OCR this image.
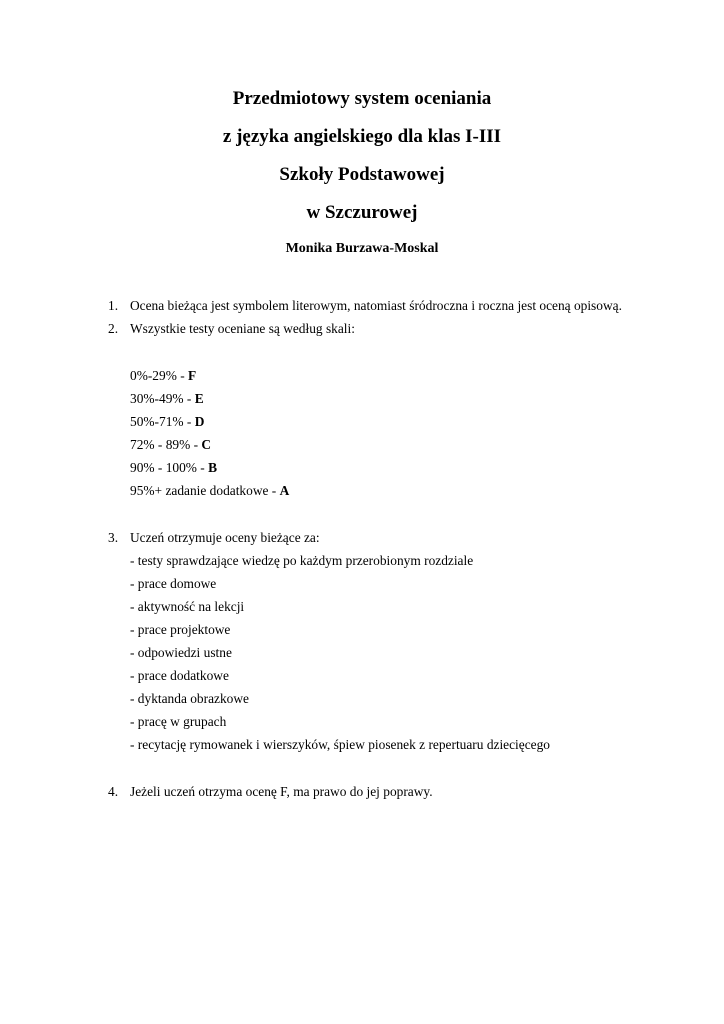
Przedmiotowy system oceniania
z języka angielskiego dla klas I-III
Szkoły Podstawowej
w Szczurowej
Monika Burzawa-Moskal
1. Ocena bieżąca jest symbolem literowym, natomiast śródroczna i roczna jest oceną opisową.
2. Wszystkie testy oceniane są według skali:
0%-29% - F
30%-49% - E
50%-71% - D
72% - 89% - C
90% - 100% - B
95%+ zadanie dodatkowe - A
3. Uczeń otrzymuje oceny bieżące za:
- testy sprawdzające wiedzę po każdym przerobionym rozdziale
- prace domowe
- aktywność na lekcji
- prace projektowe
- odpowiedzi ustne
- prace dodatkowe
- dyktanda obrazkowe
- pracę w grupach
- recytację rymowanek i wierszyków, śpiew piosenek z repertuaru dziecięcego
4. Jeżeli uczeń otrzyma ocenę F, ma prawo do jej poprawy.
